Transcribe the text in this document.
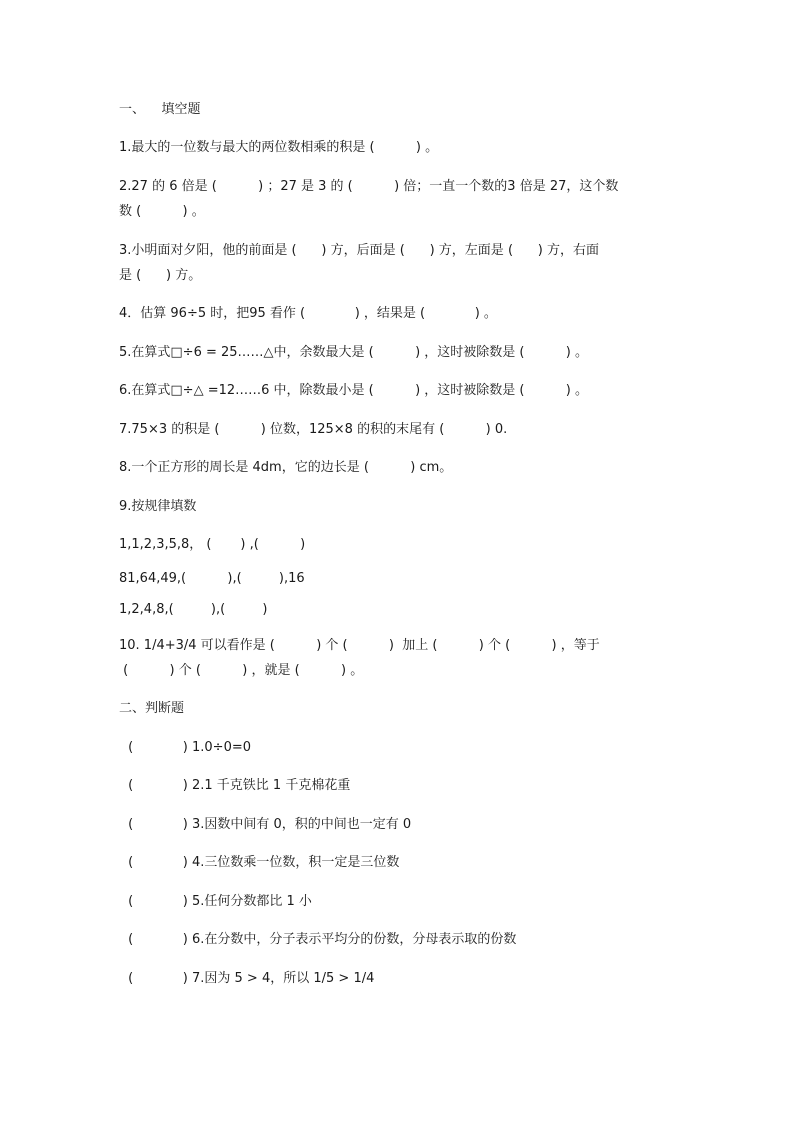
一、    填空题
1.最大的一位数与最大的两位数相乘的积是 (          ) 。
2.27 的 6 倍是 (          ) ；27 是 3 的 (          ) 倍；一直一个数的3 倍是 27，这个数
数 (          ) 。
3.小明面对夕阳，他的前面是 (      ) 方，后面是 (      ) 方，左面是 (      ) 方，右面
是 (      ) 方。
4．估算 96÷5 时，把95 看作 (            ) ，结果是 (            ) 。
5.在算式□÷6 = 25……△中，余数最大是 (          ) ，这时被除数是 (          ) 。
6.在算式□÷△ =12……6 中，除数最小是 (          ) ，这时被除数是 (          ) 。
7.75×3 的积是 (          ) 位数，125×8 的积的末尾有 (          ) 0.
8.一个正方形的周长是 4dm，它的边长是 (          ) cm。
9.按规律填数
1,1,2,3,5,8， (       ) ,(          )
81,64,49,(          ),(         ),16
1,2,4,8,(         ),(         )
10. 1/4+3/4 可以看作是 (          ) 个 (          )  加上 (          ) 个 (          ) ，等于
(          ) 个 (          ) ，就是 (          ) 。
二、判断题
(            ) 1.0÷0=0
(            ) 2.1 千克铁比 1 千克棉花重
(            ) 3.因数中间有 0，积的中间也一定有 0
(            ) 4.三位数乘一位数，积一定是三位数
(            ) 5.任何分数都比 1 小
(            ) 6.在分数中，分子表示平均分的份数，分母表示取的份数
(            ) 7.因为 5 > 4，所以 1/5 > 1/4
